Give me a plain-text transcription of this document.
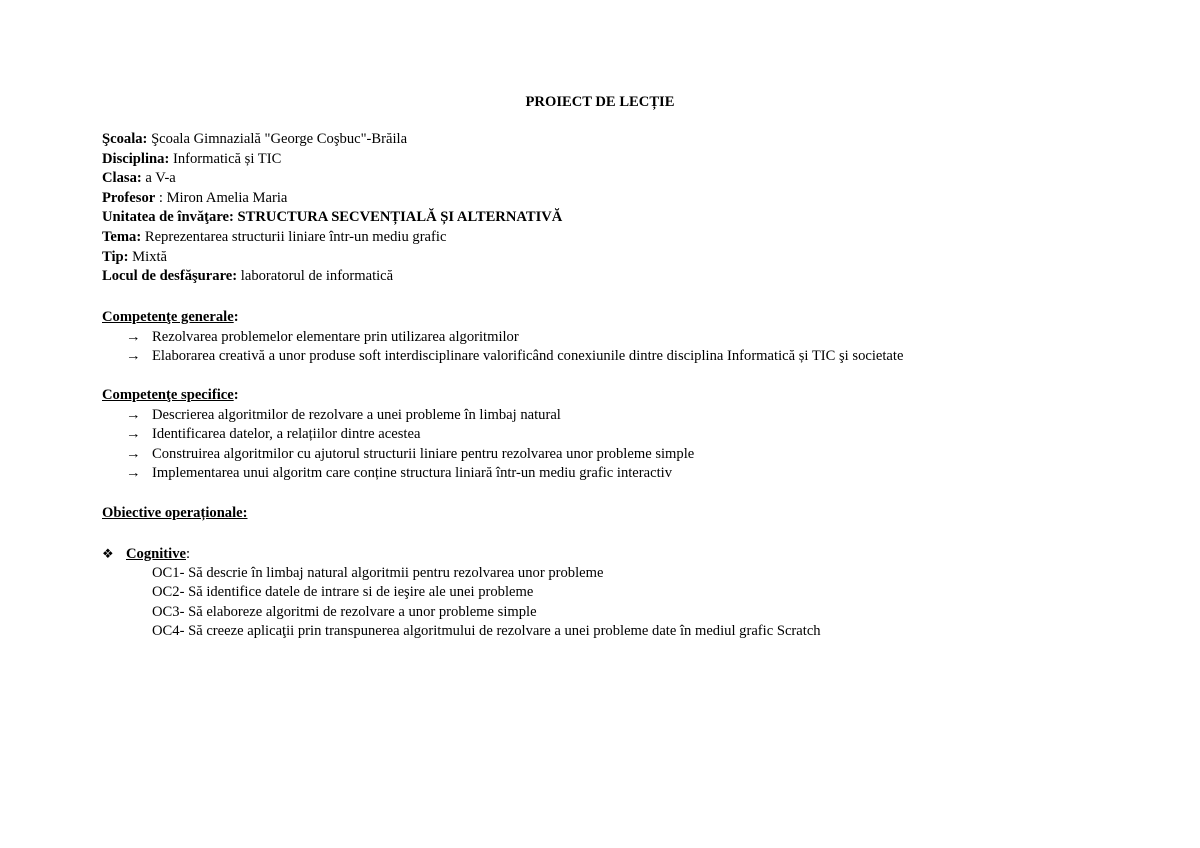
PROIECT DE LECȚIE
Şcoala: Şcoala Gimnazială "George Coşbuc"-Brăila
Disciplina: Informatică și TIC
Clasa: a V-a
Profesor : Miron Amelia Maria
Unitatea de învăţare: STRUCTURA SECVENȚIALĂ ȘI ALTERNATIVĂ
Tema: Reprezentarea structurii liniare într-un mediu grafic
Tip: Mixtă
Locul de desfăşurare: laboratorul de informatică
Competenţe generale:
→ Rezolvarea problemelor elementare prin utilizarea algoritmilor
→ Elaborarea creativă a unor produse soft interdisciplinare valorificând conexiunile dintre disciplina Informatică și TIC şi societate
Competenţe specifice:
→ Descrierea algoritmilor de rezolvare a unei probleme în limbaj natural
→ Identificarea datelor, a relațiilor dintre acestea
→ Construirea algoritmilor cu ajutorul structurii liniare pentru rezolvarea unor probleme simple
→ Implementarea unui algoritm care conține structura liniară într-un mediu grafic interactiv
Obiective operaționale:
❖ Cognitive:
OC1- Să descrie în limbaj natural algoritmii pentru rezolvarea unor probleme
OC2- Să identifice datele de intrare si de ieşire ale unei probleme
OC3- Să elaboreze algoritmi de rezolvare a unor probleme simple
OC4- Să creeze aplicaţii prin transpunerea algoritmului de rezolvare a unei probleme date în mediul grafic Scratch
